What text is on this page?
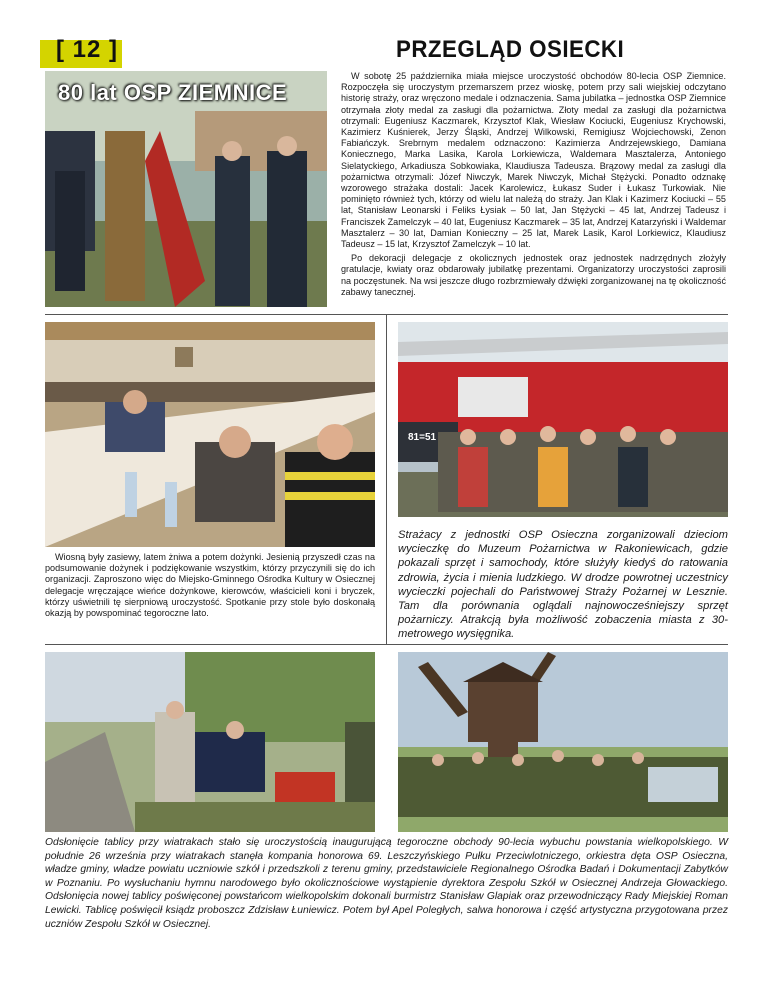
[ 12 ]	PRZEGLĄD OSIECKI
80 lat OSP ZIEMNICE

W sobotę 25 października miała miejsce uroczystość obchodów 80-lecia OSP Ziemnice. Rozpoczęła się uroczystym przemarszem przez wioskę, potem przy sali wiejskiej odczytano historię straży, oraz wręczono medale i odznaczenia. Sama jubilatka – jednostka OSP Ziemnice otrzymała złoty medal za zasługi dla pożarnictwa. Złoty medal za zasługi dla pożarnictwa otrzymali: Eugeniusz Kaczmarek, Krzysztof Klak, Wiesław Kociucki, Eugeniusz Krychowski, Kazimierz Kuśnierek, Jerzy Śląski, Andrzej Wilkowski, Remigiusz Wojciechowski, Zenon Fabiańczyk. Srebrnym medalem odznaczono: Kazimierza Andrzejewskiego, Damiana Koniecznego, Marka Lasika, Karola Lorkiewicza, Waldemara Masztalerza, Antoniego Sielatyckiego, Arkadiusza Sobkowiaka, Klaudiusza Tadeusza. Brązowy medal za zasługi dla pożarnictwa otrzymali: Józef Niwczyk, Marek Niwczyk, Michał Stężycki. Ponadto odznakę wzorowego strażaka dostali: Jacek Karolewicz, Łukasz Suder i Łukasz Turkowiak. Nie pominięto również tych, którzy od wielu lat należą do straży. Jan Klak i Kazimerz Kociucki – 55 lat, Stanisław Leonarski i Feliks Łysiak – 50 lat, Jan Stężycki – 45 lat, Andrzej Tadeusz i Franciszek Zamelczyk – 40 lat, Eugeniusz Kaczmarek – 35 lat, Andrzej Katarzyński i Waldemar Masztalerz – 30 lat, Damian Konieczny – 25 lat, Marek Lasik, Karol Lorkiewicz, Klaudiusz Tadeusz – 15 lat, Krzysztof Zamelczyk – 10 lat.

Po dekoracji delegacje z okolicznych jednostek oraz jednostek nadrzędnych złożyły gratulacje, kwiaty oraz obdarowały jubilatkę prezentami. Organizatorzy uroczystości zaprosili na poczęstunek. Na wsi jeszcze długo rozbrzmiewały dźwięki zorganizowanej na tę okoliczność zabawy tanecznej.

Wiosną były zasiewy, latem żniwa a potem dożynki. Jesienią przyszedł czas na podsumowanie dożynek i podziękowanie wszystkim, którzy przyczynili się do ich organizacji. Zaproszono więc do Miejsko-Gminnego Ośrodka Kultury w Osiecznej delegacje wręczające wieńce dożynkowe, kierowców, właścicieli koni i bryczek, którzy uświetnili tę sierpniową uroczystość. Spotkanie przy stole było doskonałą okazją by powspominać tegoroczne lato.
81=51
Strażacy z jednostki OSP Osieczna zorganizowali dzieciom wycieczkę do Muzeum Pożarnictwa w Rakoniewicach, gdzie pokazali sprzęt i samochody, które służyły kiedyś do ratowania zdrowia, życia i mienia ludzkiego. W drodze powrotnej uczestnicy wycieczki pojechali do Państwowej Straży Pożarnej w Lesznie. Tam dla porównania oglądali najnowocześniejszy sprzęt pożarniczy. Atrakcją była możliwość zobaczenia miasta z 30-metrowego wysięgnika.
Odsłonięcie tablicy przy wiatrakach stało się uroczystością inaugurującą tegoroczne obchody 90-lecia wybuchu powstania wielkopolskiego. W południe 26 września przy wiatrakach stanęła kompania honorowa 69. Leszczyńskiego Pułku Przeciwlotniczego, orkiestra dęta OSP Osieczna, władze gminy, władze powiatu uczniowie szkół i przedszkoli z terenu gminy, przedstawiciele Regionalnego Ośrodka Badań i Dokumentacji Zabytków w Poznaniu. Po wysłuchaniu hymnu narodowego było okolicznościowe wystąpienie dyrektora Zespołu Szkół w Osiecznej Andrzeja Głowackiego. Odsłonięcia nowej tablicy poświęconej powstańcom wielkopolskim dokonali burmistrz Stanisław Glapiak oraz przewodniczący Rady Miejskiej Roman Lewicki. Tablicę poświęcił ksiądz proboszcz Zdzisław Łuniewicz. Potem był Apel Poległych, salwa honorowa i część artystyczna przygotowana przez uczniów Zespołu Szkół w Osiecznej.
